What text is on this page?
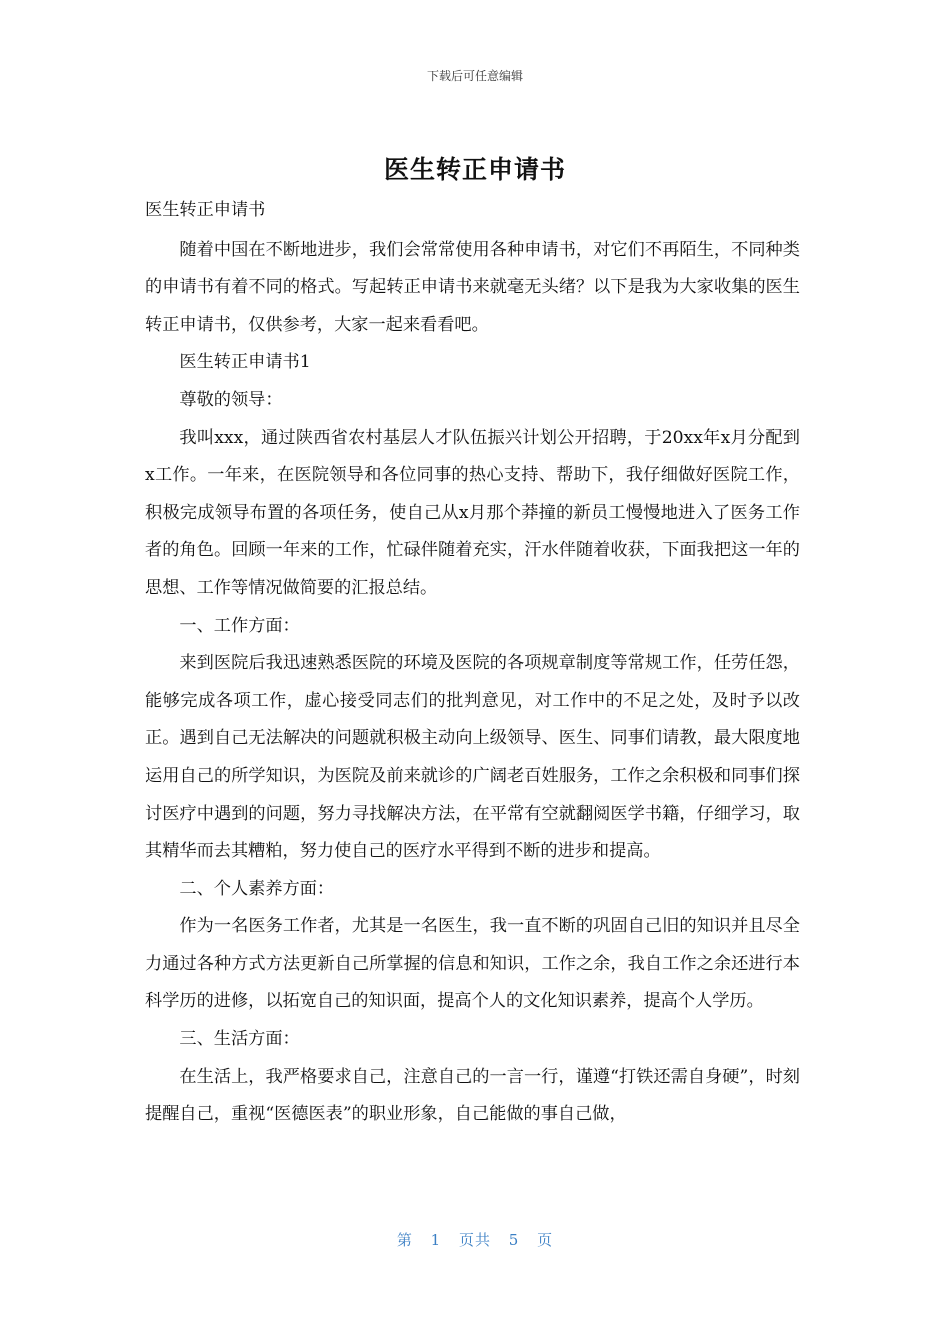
下载后可任意编辑
医生转正申请书

医生转正申请书

随着中国在不断地进步，我们会常常使用各种申请书，对它们不再陌生，不同种类的申请书有着不同的格式。写起转正申请书来就毫无头绪？以下是我为大家收集的医生转正申请书，仅供参考，大家一起来看看吧。

医生转正申请书1

尊敬的领导：

我叫xxx，通过陕西省农村基层人才队伍振兴计划公开招聘，于20xx年x月分配到x工作。一年来，在医院领导和各位同事的热心支持、帮助下，我仔细做好医院工作，积极完成领导布置的各项任务，使自己从x月那个莽撞的新员工慢慢地进入了医务工作者的角色。回顾一年来的工作，忙碌伴随着充实，汗水伴随着收获，下面我把这一年的思想、工作等情况做简要的汇报总结。

一、工作方面：

来到医院后我迅速熟悉医院的环境及医院的各项规章制度等常规工作，任劳任怨，能够完成各项工作，虚心接受同志们的批判意见，对工作中的不足之处，及时予以改正。遇到自己无法解决的问题就积极主动向上级领导、医生、同事们请教，最大限度地运用自己的所学知识，为医院及前来就诊的广阔老百姓服务，工作之余积极和同事们探讨医疗中遇到的问题，努力寻找解决方法，在平常有空就翻阅医学书籍，仔细学习，取其精华而去其糟粕，努力使自己的医疗水平得到不断的进步和提高。

二、个人素养方面：

作为一名医务工作者，尤其是一名医生，我一直不断的巩固自己旧的知识并且尽全力通过各种方式方法更新自己所掌握的信息和知识，工作之余，我自工作之余还进行本科学历的进修，以拓宽自己的知识面，提高个人的文化知识素养，提高个人学历。

三、生活方面：

在生活上，我严格要求自己，注意自己的一言一行，谨遵“打铁还需自身硬”，时刻提醒自己，重视“医德医表”的职业形象，自己能做的事自己做，

第 1 页共 5 页
